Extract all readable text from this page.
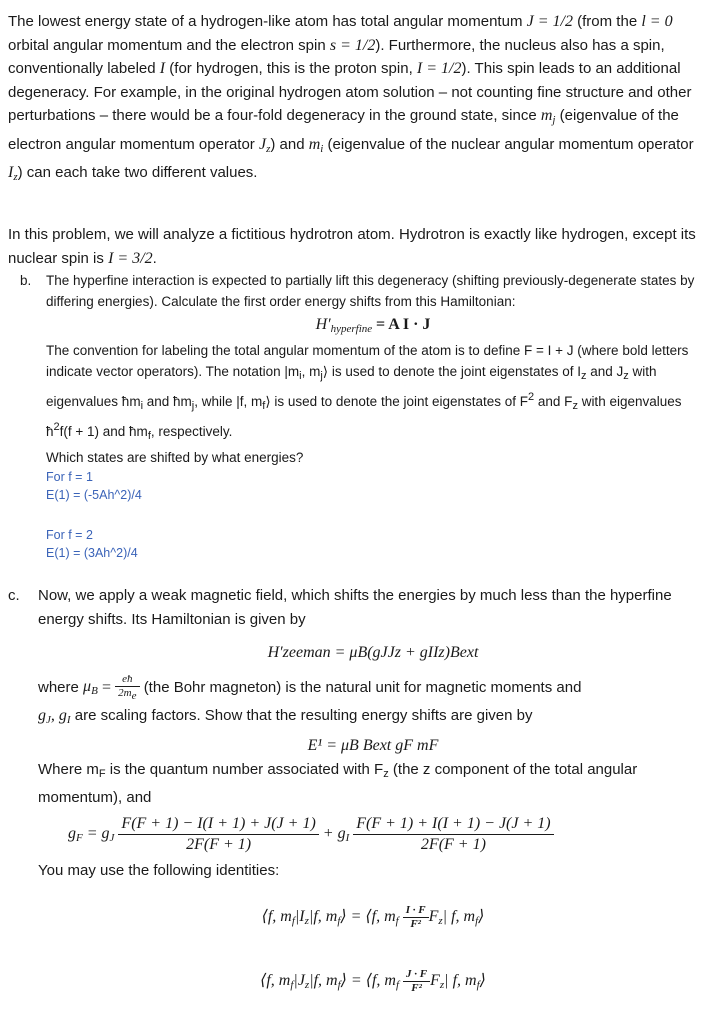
The lowest energy state of a hydrogen-like atom has total angular momentum J = 1/2 (from the l = 0 orbital angular momentum and the electron spin s = 1/2). Furthermore, the nucleus also has a spin, conventionally labeled I (for hydrogen, this is the proton spin, I = 1/2). This spin leads to an additional degeneracy. For example, in the original hydrogen atom solution – not counting fine structure and other perturbations – there would be a four-fold degeneracy in the ground state, since $m_j$ (eigenvalue of the electron angular momentum operator $J_z$) and $m_i$ (eigenvalue of the nuclear angular momentum operator $I_z$) can each take two different values.

In this problem, we will analyze a fictitious hydrotron atom. Hydrotron is exactly like hydrogen, except its nuclear spin is I = 3/2.

b. The hyperfine interaction is expected to partially lift this degeneracy (shifting previously-degenerate states by differing energies). Calculate the first order energy shifts from this Hamiltonian:
$H'_{hyperfine} = A$ I · J
The convention for labeling the total angular momentum of the atom is to define F = I + J (where bold letters indicate vector operators). The notation $|m_i$, $m_j⟩$ is used to denote the joint eigenstates of $I_z$ and $J_z$ with eigenvalues $ħm_i$ and $ħm_j$, while |f, $m_f⟩$ is used to denote the joint eigenstates of $F^2$ and $F_z$ with eigenvalues $ħ^2f(f + 1)$ and $ħm_f$, respectively.
Which states are shifted by what energies?
For f = 1
E(1) = (-5Ah^2)/4
For f = 2
E(1) = (3Ah^2)/4
c. Now, we apply a weak magnetic field, which shifts the energies by much less than the hyperfine energy shifts. Its Hamiltonian is given by
H′zeeman = μB(gJJz + gIIz)Bext
where $\mu_B = \frac{eħ}{2me} (the$ Bohr magneton) is the natural unit for magnetic moments and
$g_J$, $g_I$ are scaling factors. Show that the resulting energy shifts are given by
E¹ = μB Bext gF mF
Where $m_F$ is the quantum number associated with $F_z$ (the z component of the total angular momentum), and
$g_F = g_J \frac{F(F + 1) - I(I + 1) + J(J + 1)}{2F(F + 1)} + g_I \frac{F(F + 1) + I(I + 1) - J(J + 1)}{2F(F + 1)}$
You may use the following identities:
⟨f, $m_f|I_z|f$, $m_f⟩$ = ⟨f, $m_f \frac{I \cdot F}{\text{F²}} F_z|$ f, $m_f⟩$
⟨f, $m_f|J_z|f$, $m_f⟩$ = ⟨f, $m_f \frac{J \cdot F}{\text{F²}} F_z|$ f, $m_f⟩$
